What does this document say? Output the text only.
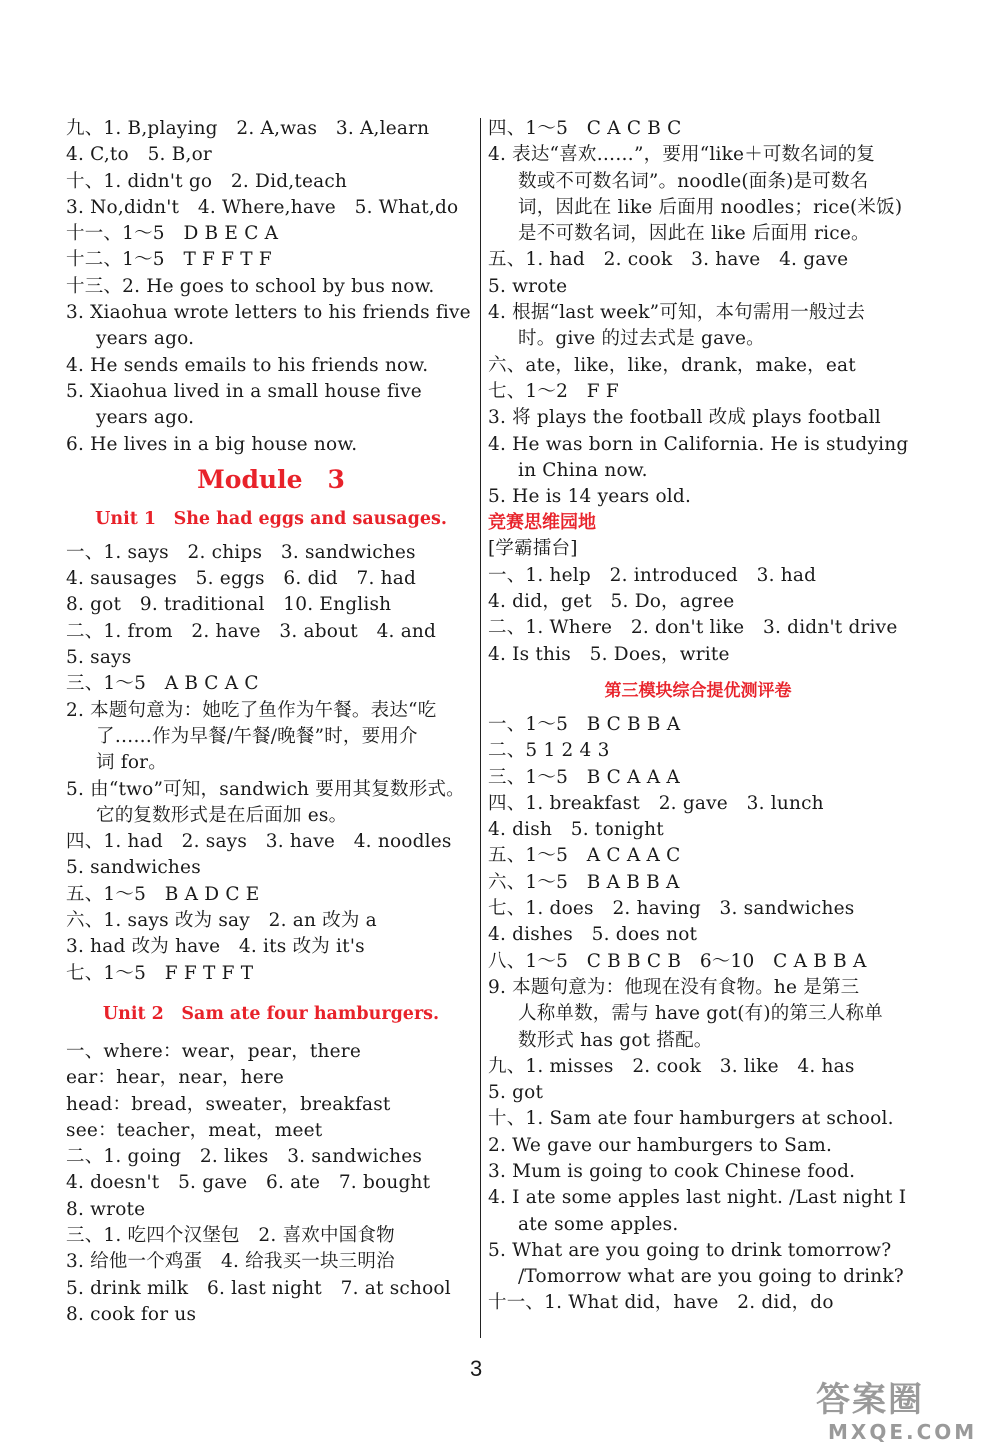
九、1. B,playing　2. A,was　3. A,learn
4. C,to　5. B,or
十、1. didn't go　2. Did,teach
3. No,didn't　4. Where,have　5. What,do
十一、1～5　D B E C A
十二、1～5　T F F T F
十三、2. He goes to school by bus now.
3. Xiaohua wrote letters to his friends five
years ago.
4. He sends emails to his friends now.
5. Xiaohua lived in a small house five
years ago.
6. He lives in a big house now.
Module　3
Unit 1　She had eggs and sausages.
一、1. says　2. chips　3. sandwiches
4. sausages　5. eggs　6. did　7. had
8. got　9. traditional　10. English
二、1. from　2. have　3. about　4. and
5. says
三、1～5　A B C A C
2. 本题句意为：她吃了鱼作为午餐。表达“吃
了……作为早餐/午餐/晚餐”时，要用介
词 for。
5. 由“two”可知，sandwich 要用其复数形式。
它的复数形式是在后面加 es。
四、1. had　2. says　3. have　4. noodles
5. sandwiches
五、1～5　B A D C E
六、1. says 改为 say　2. an 改为 a
3. had 改为 have　4. its 改为 it's
七、1～5　F F T F T
Unit 2　Sam ate four hamburgers.
一、where：wear，pear，there
ear：hear，near，here
head：bread，sweater，breakfast
see：teacher，meat，meet
二、1. going　2. likes　3. sandwiches
4. doesn't　5. gave　6. ate　7. bought
8. wrote
三、1. 吃四个汉堡包　2. 喜欢中国食物
3. 给他一个鸡蛋　4. 给我买一块三明治
5. drink milk　6. last night　7. at school
8. cook for us
四、1～5　C A C B C
4. 表达“喜欢……”，要用“like＋可数名词的复
数或不可数名词”。noodle(面条)是可数名
词，因此在 like 后面用 noodles；rice(米饭)
是不可数名词，因此在 like 后面用 rice。
五、1. had　2. cook　3. have　4. gave
5. wrote
4. 根据“last week”可知，本句需用一般过去
时。give 的过去式是 gave。
六、ate，like，like，drank，make，eat
七、1～2　F F
3. 将 plays the football 改成 plays football
4. He was born in California. He is studying
in China now.
5. He is 14 years old.
竞赛思维园地
[学霸擂台]
一、1. help　2. introduced　3. had
4. did，get　5. Do，agree
二、1. Where　2. don't like　3. didn't drive
4. Is this　5. Does，write
第三模块综合提优测评卷
一、1～5　B C B B A
二、5 1 2 4 3
三、1～5　B C A A A
四、1. breakfast　2. gave　3. lunch
4. dish　5. tonight
五、1～5　A C A A C
六、1～5　B A B B A
七、1. does　2. having　3. sandwiches
4. dishes　5. does not
八、1～5　C B B C B　6～10　C A B B A
9. 本题句意为：他现在没有食物。he 是第三
人称单数，需与 have got(有)的第三人称单
数形式 has got 搭配。
九、1. misses　2. cook　3. like　4. has
5. got
十、1. Sam ate four hamburgers at school.
2. We gave our hamburgers to Sam.
3. Mum is going to cook Chinese food.
4. I ate some apples last night. /Last night I
ate some apples.
5. What are you going to drink tomorrow?
/Tomorrow what are you going to drink?
十一、1. What did，have　2. did，do
3
答案圈
MXQE.COM
